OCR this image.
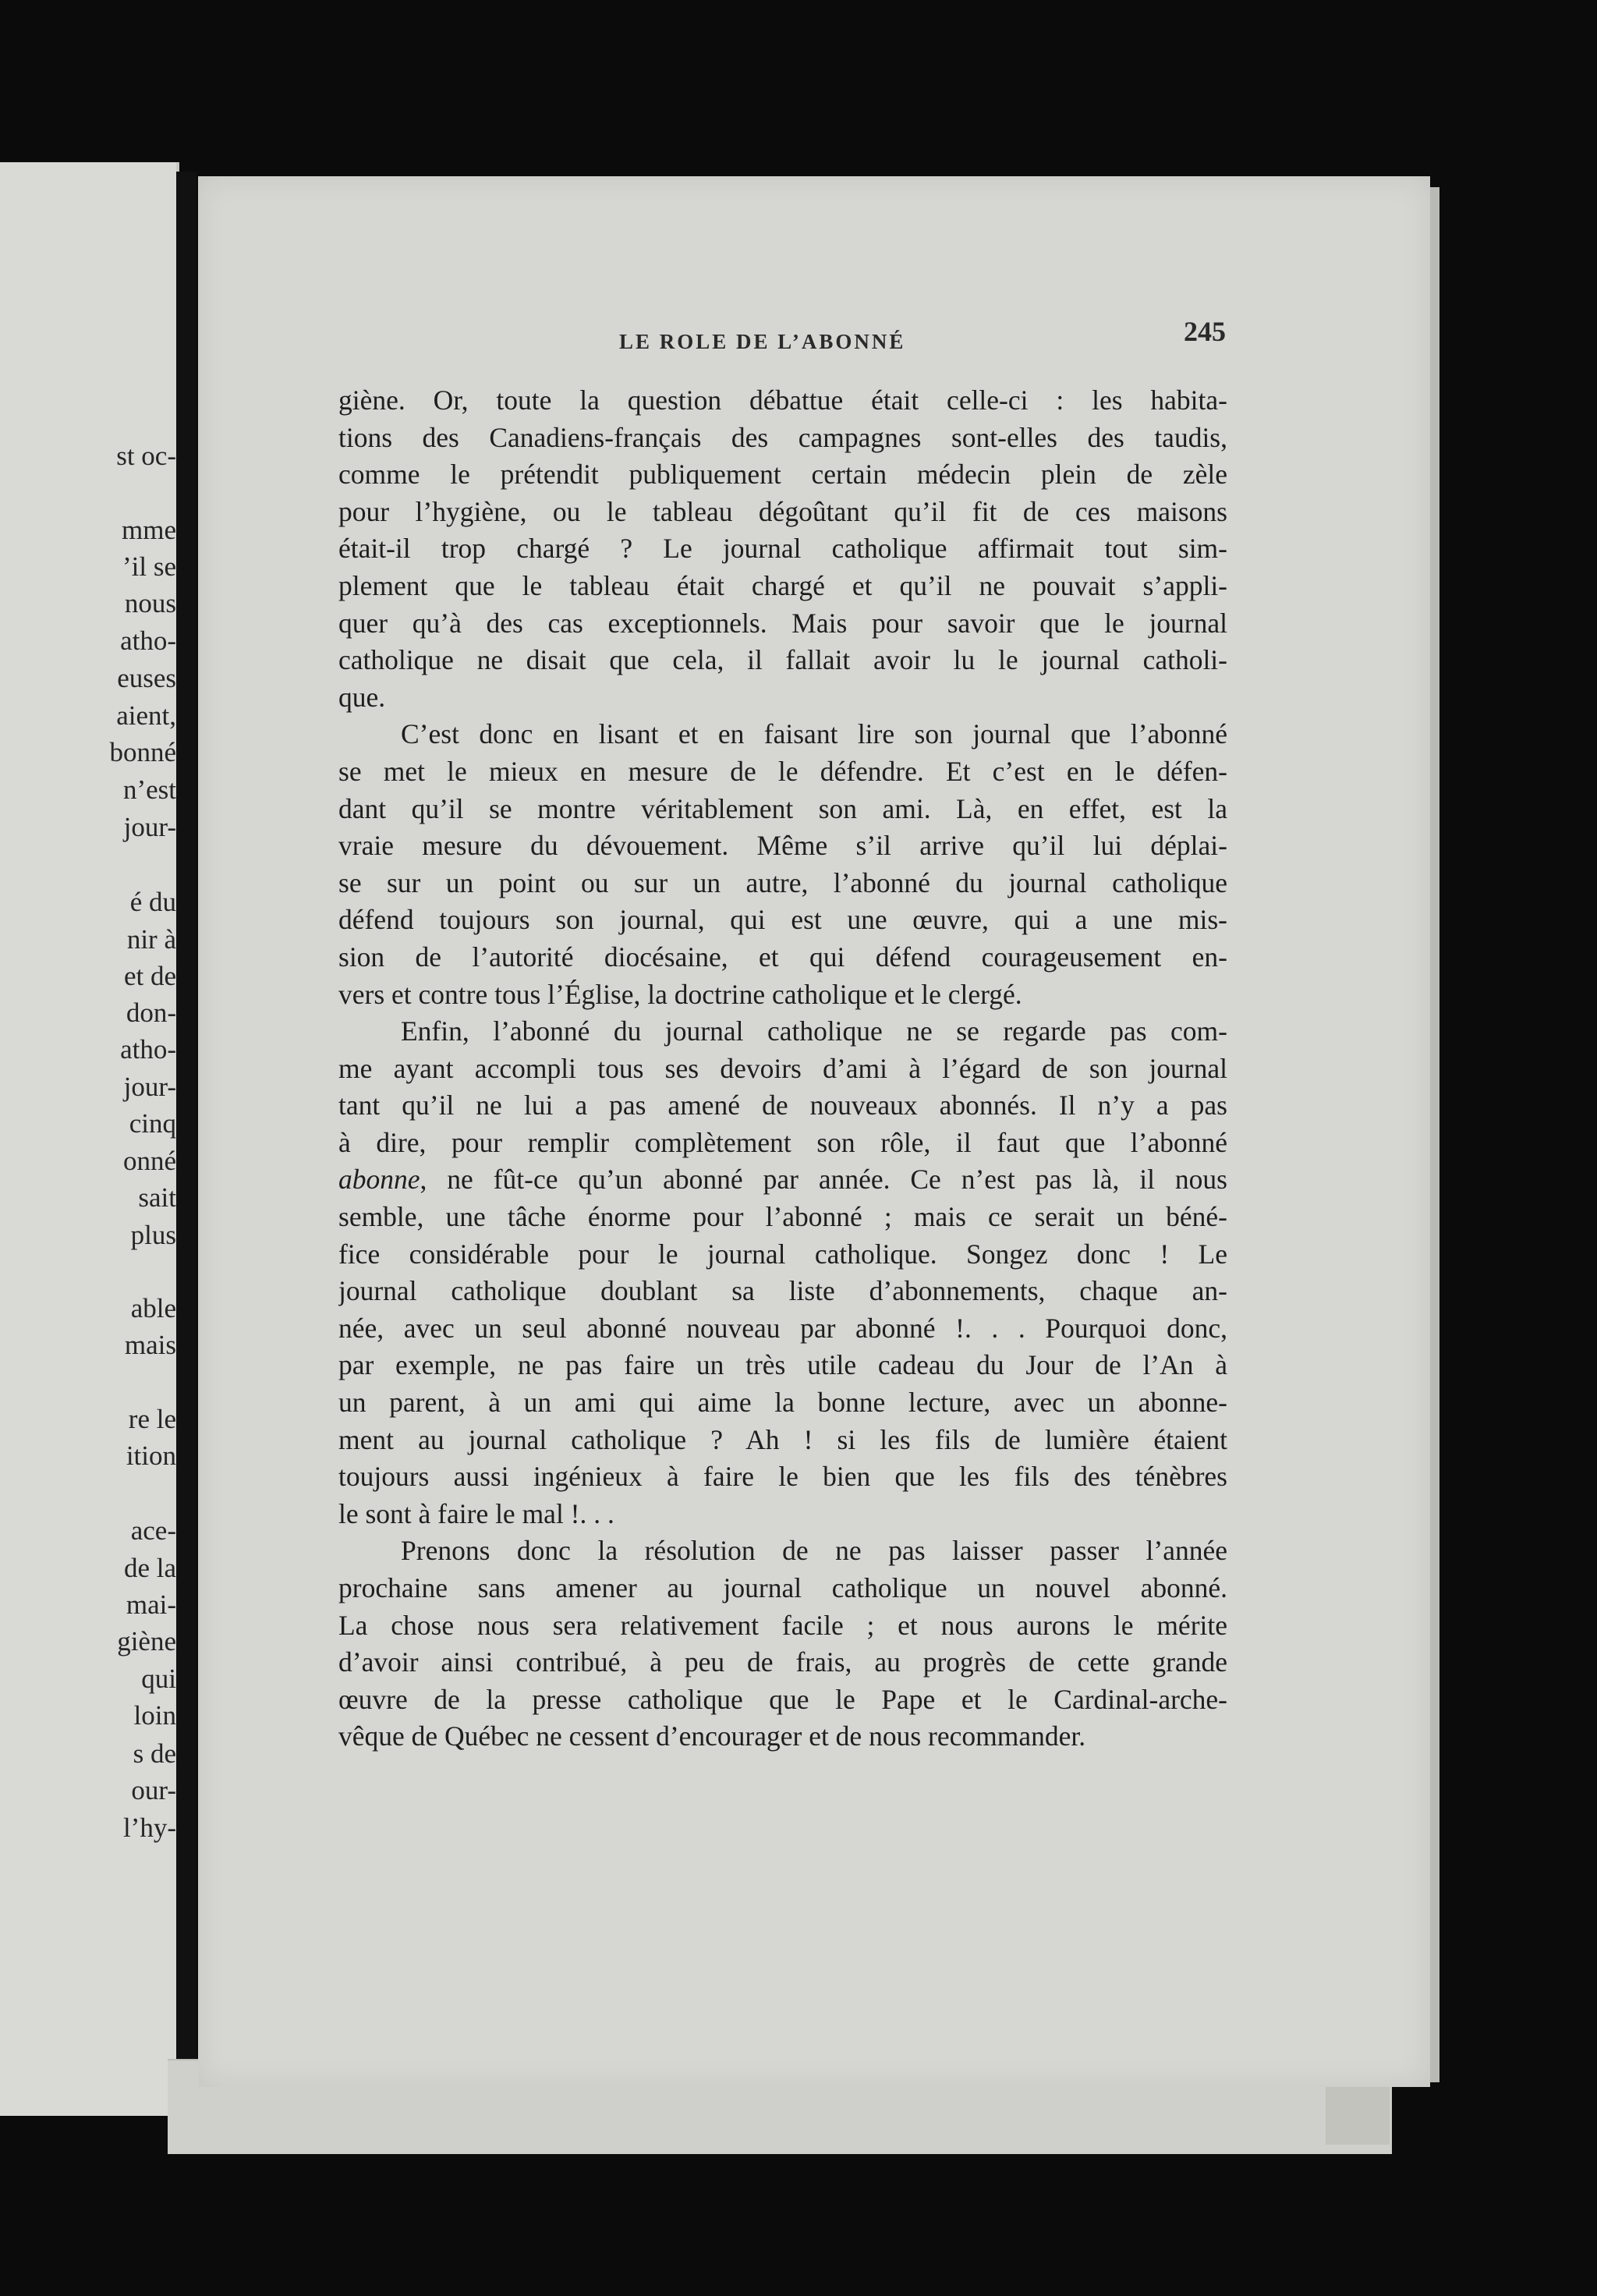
st oc-
mme
’il se
nous
atho-
euses
aient,
bonné
n’est
jour-
é du
nir à
et de
don-
atho-
jour-
cinq
onné
sait
plus
able
mais
re le
ition
ace-
de la
mai-
giène
qui
loin
s de
our-
l’hy-
LE ROLE DE L’ABONNÉ	245
giène. Or, toute la question débattue était celle-ci : les habita-
tions des Canadiens-français des campagnes sont-elles des taudis,
comme le prétendit publiquement certain médecin plein de zèle
pour l’hygiène, ou le tableau dégoûtant qu’il fit de ces maisons
était-il trop chargé ? Le journal catholique affirmait tout sim-
plement que le tableau était chargé et qu’il ne pouvait s’appli-
quer qu’à des cas exceptionnels. Mais pour savoir que le journal
catholique ne disait que cela, il fallait avoir lu le journal catholi-
que.
C’est donc en lisant et en faisant lire son journal que l’abonné
se met le mieux en mesure de le défendre. Et c’est en le défen-
dant qu’il se montre véritablement son ami. Là, en effet, est la
vraie mesure du dévouement. Même s’il arrive qu’il lui déplai-
se sur un point ou sur un autre, l’abonné du journal catholique
défend toujours son journal, qui est une œuvre, qui a une mis-
sion de l’autorité diocésaine, et qui défend courageusement en-
vers et contre tous l’Église, la doctrine catholique et le clergé.
Enfin, l’abonné du journal catholique ne se regarde pas com-
me ayant accompli tous ses devoirs d’ami à l’égard de son journal
tant qu’il ne lui a pas amené de nouveaux abonnés. Il n’y a pas
à dire, pour remplir complètement son rôle, il faut que l’abonné
abonne, ne fût-ce qu’un abonné par année. Ce n’est pas là, il nous
semble, une tâche énorme pour l’abonné ; mais ce serait un béné-
fice considérable pour le journal catholique. Songez donc ! Le
journal catholique doublant sa liste d’abonnements, chaque an-
née, avec un seul abonné nouveau par abonné !. . . Pourquoi donc,
par exemple, ne pas faire un très utile cadeau du Jour de l’An à
un parent, à un ami qui aime la bonne lecture, avec un abonne-
ment au journal catholique ? Ah ! si les fils de lumière étaient
toujours aussi ingénieux à faire le bien que les fils des ténèbres
le sont à faire le mal !. . .
Prenons donc la résolution de ne pas laisser passer l’année
prochaine sans amener au journal catholique un nouvel abonné.
La chose nous sera relativement facile ; et nous aurons le mérite
d’avoir ainsi contribué, à peu de frais, au progrès de cette grande
œuvre de la presse catholique que le Pape et le Cardinal-arche-
vêque de Québec ne cessent d’encourager et de nous recommander.
